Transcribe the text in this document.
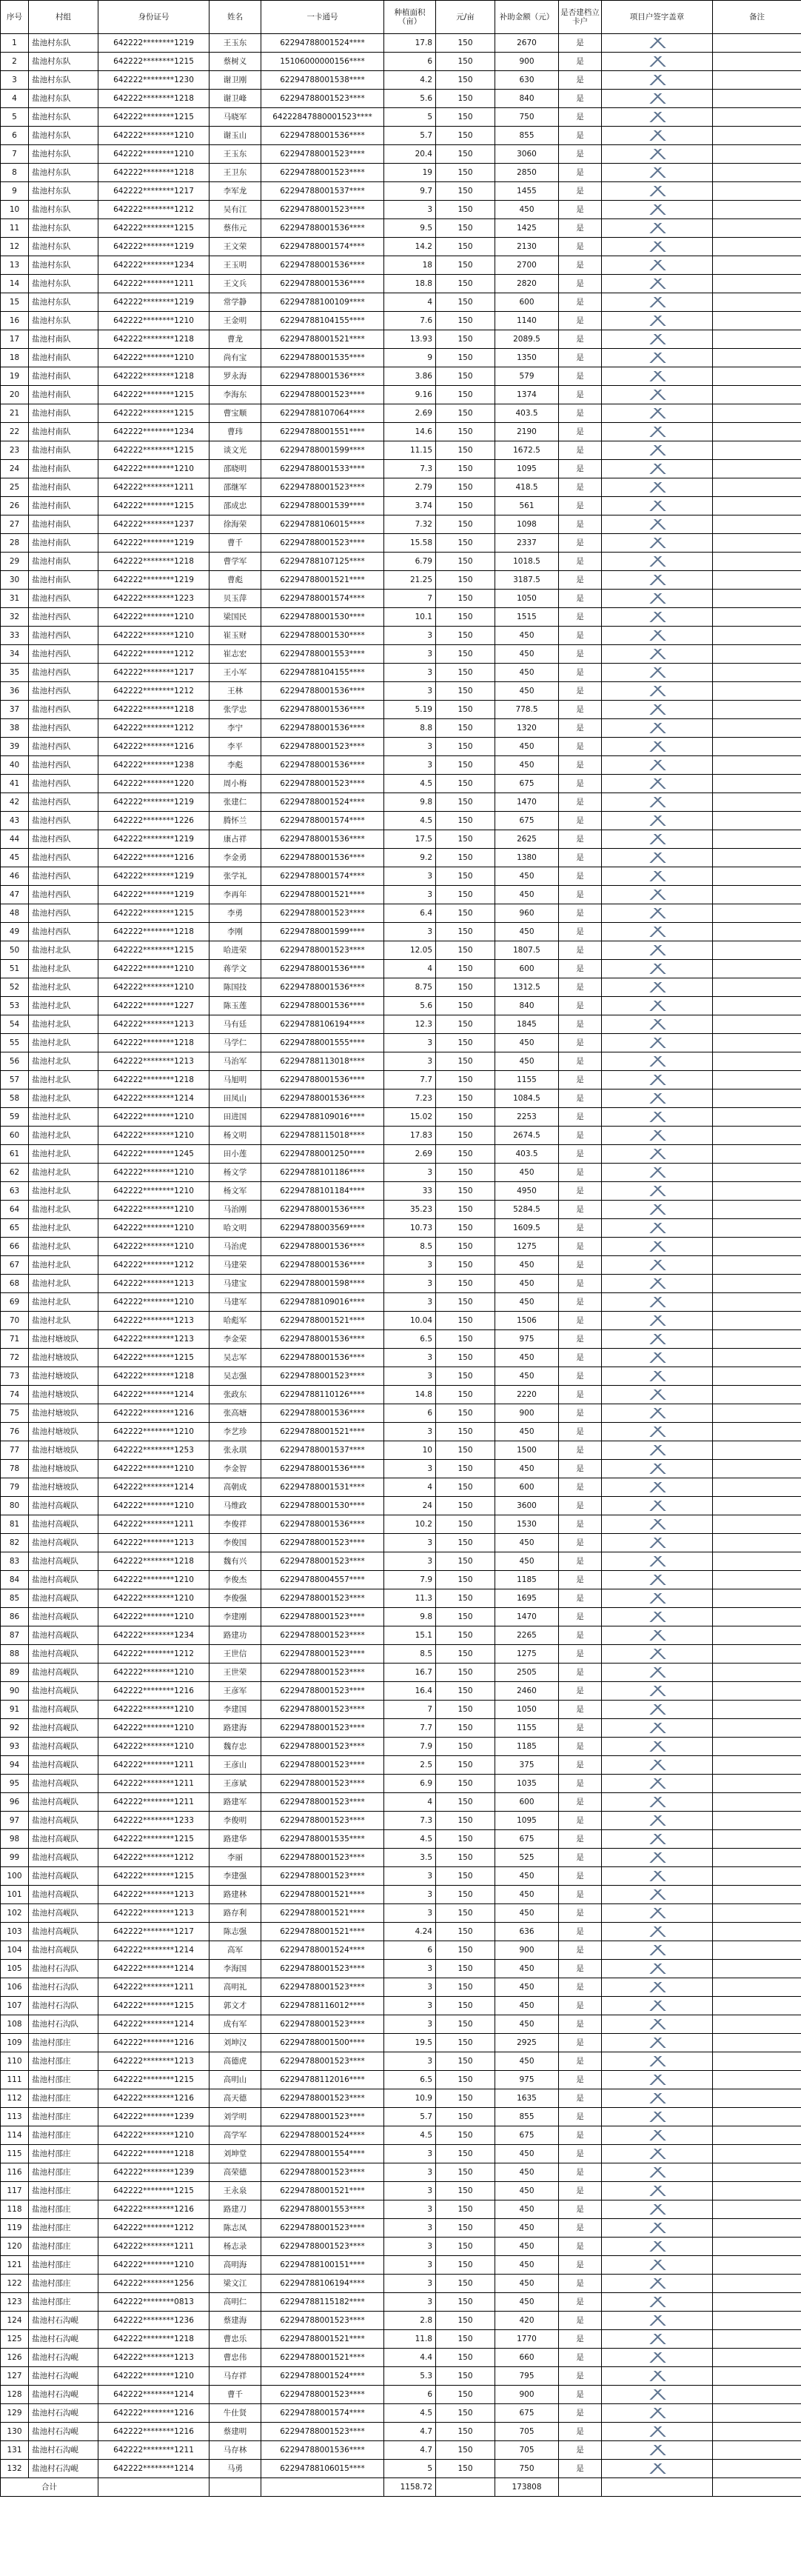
序号	村组	身份证号	姓名	一卡通号	种植面积（亩）	元/亩	补助金额（元）	是否建档立卡户	项目户签字盖章	备注
1	盐池村东队	642222********1219	王玉东	62294788001524****	17.8	150	2670	是		
2	盐池村东队	642222********1215	蔡树义	15106000000156****	6	150	900	是		
3	盐池村东队	642222********1230	谢卫刚	62294788001538****	4.2	150	630	是		
4	盐池村东队	642222********1218	谢卫峰	62294788001523****	5.6	150	840	是		
5	盐池村东队	642222********1215	马晓军	64222847880001523****	5	150	750	是		
6	盐池村东队	642222********1210	谢玉山	62294788001536****	5.7	150	855	是		
7	盐池村东队	642222********1210	王玉东	62294788001523****	20.4	150	3060	是		
8	盐池村东队	642222********1218	王卫东	62294788001523****	19	150	2850	是		
9	盐池村东队	642222********1217	李军龙	62294788001537****	9.7	150	1455	是		
10	盐池村东队	642222********1212	吴有江	62294788001523****	3	150	450	是		
11	盐池村东队	642222********1215	蔡伟元	62294788001536****	9.5	150	1425	是		
12	盐池村东队	642222********1219	王文荣	62294788001574****	14.2	150	2130	是		
13	盐池村东队	642222********1234	王玉明	62294788001536****	18	150	2700	是		
14	盐池村东队	642222********1211	王文兵	62294788001536****	18.8	150	2820	是		
15	盐池村东队	642222********1219	常学静	62294788100109****	4	150	600	是		
16	盐池村东队	642222********1210	王金明	62294788104155****	7.6	150	1140	是		
17	盐池村南队	642222********1218	曹龙	62294788001521****	13.93	150	2089.5	是		
18	盐池村南队	642222********1210	尚有宝	62294788001535****	9	150	1350	是		
19	盐池村南队	642222********1218	罗永海	62294788001536****	3.86	150	579	是		
20	盐池村南队	642222********1215	李海东	62294788001523****	9.16	150	1374	是		
21	盐池村南队	642222********1215	曹宝顺	62294788107064****	2.69	150	403.5	是		
22	盐池村南队	642222********1234	曹玮	62294788001551****	14.6	150	2190	是		
23	盐池村南队	642222********1215	谈文光	62294788001599****	11.15	150	1672.5	是		
24	盐池村南队	642222********1210	邵晓明	62294788001533****	7.3	150	1095	是		
25	盐池村南队	642222********1211	邵继军	62294788001523****	2.79	150	418.5	是		
26	盐池村南队	642222********1215	邵成忠	62294788001539****	3.74	150	561	是		
27	盐池村南队	642222********1237	徐海荣	62294788106015****	7.32	150	1098	是		
28	盐池村南队	642222********1219	曹千	62294788001523****	15.58	150	2337	是		
29	盐池村南队	642222********1218	曹学军	62294788107125****	6.79	150	1018.5	是		
30	盐池村南队	642222********1219	曹彪	62294788001521****	21.25	150	3187.5	是		
31	盐池村西队	642222********1223	贝玉萍	62294788001574****	7	150	1050	是		
32	盐池村西队	642222********1210	梁国民	62294788001530****	10.1	150	1515	是		
33	盐池村西队	642222********1210	崔玉财	62294788001530****	3	150	450	是		
34	盐池村西队	642222********1212	崔志宏	62294788001553****	3	150	450	是		
35	盐池村西队	642222********1217	王小军	62294788104155****	3	150	450	是		
36	盐池村西队	642222********1212	王林	62294788001536****	3	150	450	是		
37	盐池村西队	642222********1218	张学忠	62294788001536****	5.19	150	778.5	是		
38	盐池村西队	642222********1212	李宁	62294788001536****	8.8	150	1320	是		
39	盐池村西队	642222********1216	李平	62294788001523****	3	150	450	是		
40	盐池村西队	642222********1238	李彪	62294788001536****	3	150	450	是		
41	盐池村西队	642222********1220	周小梅	62294788001523****	4.5	150	675	是		
42	盐池村西队	642222********1219	张建仁	62294788001524****	9.8	150	1470	是		
43	盐池村西队	642222********1226	腾怀兰	62294788001574****	4.5	150	675	是		
44	盐池村西队	642222********1219	康占祥	62294788001536****	17.5	150	2625	是		
45	盐池村西队	642222********1216	李金勇	62294788001536****	9.2	150	1380	是		
46	盐池村西队	642222********1219	张学礼	62294788001574****	3	150	450	是		
47	盐池村西队	642222********1219	李再年	62294788001521****	3	150	450	是		
48	盐池村西队	642222********1215	李勇	62294788001523****	6.4	150	960	是		
49	盐池村西队	642222********1218	李刚	62294788001599****	3	150	450	是		
50	盐池村北队	642222********1215	哈进荣	62294788001523****	12.05	150	1807.5	是		
51	盐池村北队	642222********1210	蒋学文	62294788001536****	4	150	600	是		
52	盐池村北队	642222********1210	陈国技	62294788001536****	8.75	150	1312.5	是		
53	盐池村北队	642222********1227	陈玉莲	62294788001536****	5.6	150	840	是		
54	盐池村北队	642222********1213	马有廷	62294788106194****	12.3	150	1845	是		
55	盐池村北队	642222********1218	马学仁	62294788001555****	3	150	450	是		
56	盐池村北队	642222********1213	马治军	62294788113018****	3	150	450	是		
57	盐池村北队	642222********1218	马旭明	62294788001536****	7.7	150	1155	是		
58	盐池村北队	642222********1214	田凤山	62294788001536****	7.23	150	1084.5	是		
59	盐池村北队	642222********1210	田进国	62294788109016****	15.02	150	2253	是		
60	盐池村北队	642222********1210	杨文明	62294788115018****	17.83	150	2674.5	是		
61	盐池村北队	642222********1245	田小莲	62294788001250****	2.69	150	403.5	是		
62	盐池村北队	642222********1210	杨文学	62294788101186****	3	150	450	是		
63	盐池村北队	642222********1210	杨文军	62294788101184****	33	150	4950	是		
64	盐池村北队	642222********1210	马治刚	62294788001536****	35.23	150	5284.5	是		
65	盐池村北队	642222********1210	哈文明	62294788003569****	10.73	150	1609.5	是		
66	盐池村北队	642222********1210	马治虎	62294788001536****	8.5	150	1275	是		
67	盐池村北队	642222********1212	马建荣	62294788001536****	3	150	450	是		
68	盐池村北队	642222********1213	马建宝	62294788001598****	3	150	450	是		
69	盐池村北队	642222********1210	马建军	62294788109016****	3	150	450	是		
70	盐池村北队	642222********1213	哈彪军	62294788001521****	10.04	150	1506	是		
71	盐池村塘坡队	642222********1213	李金荣	62294788001536****	6.5	150	975	是		
72	盐池村塘坡队	642222********1215	吴志军	62294788001536****	3	150	450	是		
73	盐池村塘坡队	642222********1218	吴志强	62294788001523****	3	150	450	是		
74	盐池村塘坡队	642222********1214	张政东	62294788110126****	14.8	150	2220	是		
75	盐池村塘坡队	642222********1216	张高塘	62294788001536****	6	150	900	是		
76	盐池村塘坡队	642222********1210	李艺珍	62294788001521****	3	150	450	是		
77	盐池村塘坡队	642222********1253	张永琪	62294788001537****	10	150	1500	是		
78	盐池村塘坡队	642222********1210	李金智	62294788001536****	3	150	450	是		
79	盐池村塘坡队	642222********1214	高朝成	62294788001531****	4	150	600	是		
80	盐池村高岘队	642222********1210	马维政	62294788001530****	24	150	3600	是		
81	盐池村高岘队	642222********1211	李俊祥	62294788001536****	10.2	150	1530	是		
82	盐池村高岘队	642222********1213	李俊国	62294788001523****	3	150	450	是		
83	盐池村高岘队	642222********1218	魏有兴	62294788001523****	3	150	450	是		
84	盐池村高岘队	642222********1210	李俊杰	62294788004557****	7.9	150	1185	是		
85	盐池村高岘队	642222********1210	李俊强	62294788001523****	11.3	150	1695	是		
86	盐池村高岘队	642222********1210	李建刚	62294788001523****	9.8	150	1470	是		
87	盐池村高岘队	642222********1234	路建功	62294788001523****	15.1	150	2265	是		
88	盐池村高岘队	642222********1212	王世信	62294788001523****	8.5	150	1275	是		
89	盐池村高岘队	642222********1210	王世荣	62294788001523****	16.7	150	2505	是		
90	盐池村高岘队	642222********1216	王彦军	62294788001523****	16.4	150	2460	是		
91	盐池村高岘队	642222********1210	李建国	62294788001523****	7	150	1050	是		
92	盐池村高岘队	642222********1210	路建海	62294788001523****	7.7	150	1155	是		
93	盐池村高岘队	642222********1210	魏存忠	62294788001523****	7.9	150	1185	是		
94	盐池村高岘队	642222********1211	王彦山	62294788001523****	2.5	150	375	是		
95	盐池村高岘队	642222********1211	王彦斌	62294788001523****	6.9	150	1035	是		
96	盐池村高岘队	642222********1211	路建军	62294788001523****	4	150	600	是		
97	盐池村高岘队	642222********1233	李俊明	62294788001523****	7.3	150	1095	是		
98	盐池村高岘队	642222********1215	路建华	62294788001535****	4.5	150	675	是		
99	盐池村高岘队	642222********1212	李丽	62294788001523****	3.5	150	525	是		
100	盐池村高岘队	642222********1215	李建强	62294788001523****	3	150	450	是		
101	盐池村高岘队	642222********1213	路建林	62294788001521****	3	150	450	是		
102	盐池村高岘队	642222********1213	路存利	62294788001521****	3	150	450	是		
103	盐池村高岘队	642222********1217	陈志强	62294788001521****	4.24	150	636	是		
104	盐池村高岘队	642222********1214	高军	62294788001524****	6	150	900	是		
105	盐池村石沟队	642222********1214	李海国	62294788001523****	3	150	450	是		
106	盐池村石沟队	642222********1211	高明礼	62294788001523****	3	150	450	是		
107	盐池村石沟队	642222********1215	郭文才	62294788116012****	3	150	450	是		
108	盐池村石沟队	642222********1214	成有军	62294788001523****	3	150	450	是		
109	盐池村邵庄	642222********1216	刘坤汉	62294788001500****	19.5	150	2925	是		
110	盐池村邵庄	642222********1213	高德虎	62294788001523****	3	150	450	是		
111	盐池村邵庄	642222********1215	高明山	62294788112016****	6.5	150	975	是		
112	盐池村邵庄	642222********1216	高天德	62294788001523****	10.9	150	1635	是		
113	盐池村邵庄	642222********1239	刘学明	62294788001523****	5.7	150	855	是		
114	盐池村邵庄	642222********1210	高学军	62294788001524****	4.5	150	675	是		
115	盐池村邵庄	642222********1218	刘坤堂	62294788001554****	3	150	450	是		
116	盐池村邵庄	642222********1239	高荣德	62294788001523****	3	150	450	是		
117	盐池村邵庄	642222********1215	王永泉	62294788001521****	3	150	450	是		
118	盐池村邵庄	642222********1216	路建刀	62294788001553****	3	150	450	是		
119	盐池村邵庄	642222********1212	陈志凤	62294788001523****	3	150	450	是		
120	盐池村邵庄	642222********1211	杨志录	62294788001523****	3	150	450	是		
121	盐池村邵庄	642222********1210	高明海	62294788100151****	3	150	450	是		
122	盐池村邵庄	642222********1256	梁文江	62294788106194****	3	150	450	是		
123	盐池村邵庄	642222********0813	高明仁	62294788115182****	3	150	450	是		
124	盐池村石沟岘	642222********1236	蔡建海	62294788001523****	2.8	150	420	是		
125	盐池村石沟岘	642222********1218	曹忠乐	62294788001521****	11.8	150	1770	是		
126	盐池村石沟岘	642222********1213	曹忠伟	62294788001521****	4.4	150	660	是		
127	盐池村石沟岘	642222********1210	马存祥	62294788001524****	5.3	150	795	是		
128	盐池村石沟岘	642222********1214	曹千	62294788001523****	6	150	900	是		
129	盐池村石沟岘	642222********1216	牛仕贤	62294788001574****	4.5	150	675	是		
130	盐池村石沟岘	642222********1216	蔡建明	62294788001523****	4.7	150	705	是		
131	盐池村石沟岘	642222********1211	马存林	62294788001536****	4.7	150	705	是		
132	盐池村石沟岘	642222********1214	马勇	62294788106015****	5	150	750	是		
合计					1158.72		173808			
